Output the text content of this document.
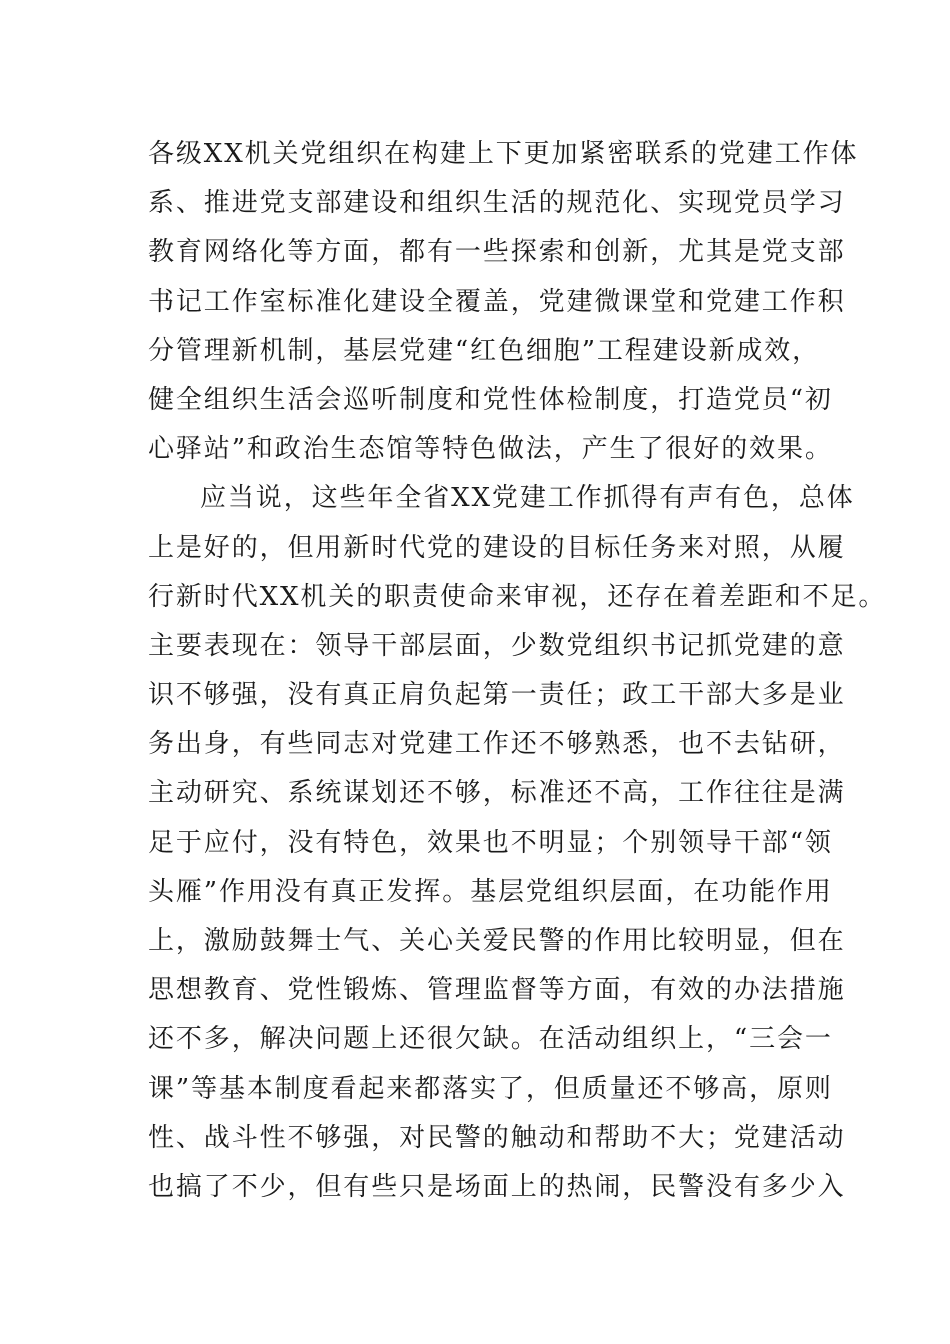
各级XX机关党组织在构建上下更加紧密联系的党建工作体
系、推进党支部建设和组织生活的规范化、实现党员学习
教育网络化等方面，都有一些探索和创新，尤其是党支部
书记工作室标准化建设全覆盖，党建微课堂和党建工作积
分管理新机制，基层党建“红色细胞”工程建设新成效，
健全组织生活会巡听制度和党性体检制度，打造党员“初
心驿站”和政治生态馆等特色做法，产生了很好的效果。
应当说，这些年全省XX党建工作抓得有声有色，总体
上是好的，但用新时代党的建设的目标任务来对照，从履
行新时代XX机关的职责使命来审视，还存在着差距和不足。
主要表现在：领导干部层面，少数党组织书记抓党建的意
识不够强，没有真正肩负起第一责任；政工干部大多是业
务出身，有些同志对党建工作还不够熟悉，也不去钻研，
主动研究、系统谋划还不够，标准还不高，工作往往是满
足于应付，没有特色，效果也不明显；个别领导干部“领
头雁”作用没有真正发挥。基层党组织层面，在功能作用
上，激励鼓舞士气、关心关爱民警的作用比较明显，但在
思想教育、党性锻炼、管理监督等方面，有效的办法措施
还不多，解决问题上还很欠缺。在活动组织上，“三会一
课”等基本制度看起来都落实了，但质量还不够高，原则
性、战斗性不够强，对民警的触动和帮助不大；党建活动
也搞了不少，但有些只是场面上的热闹，民警没有多少入
